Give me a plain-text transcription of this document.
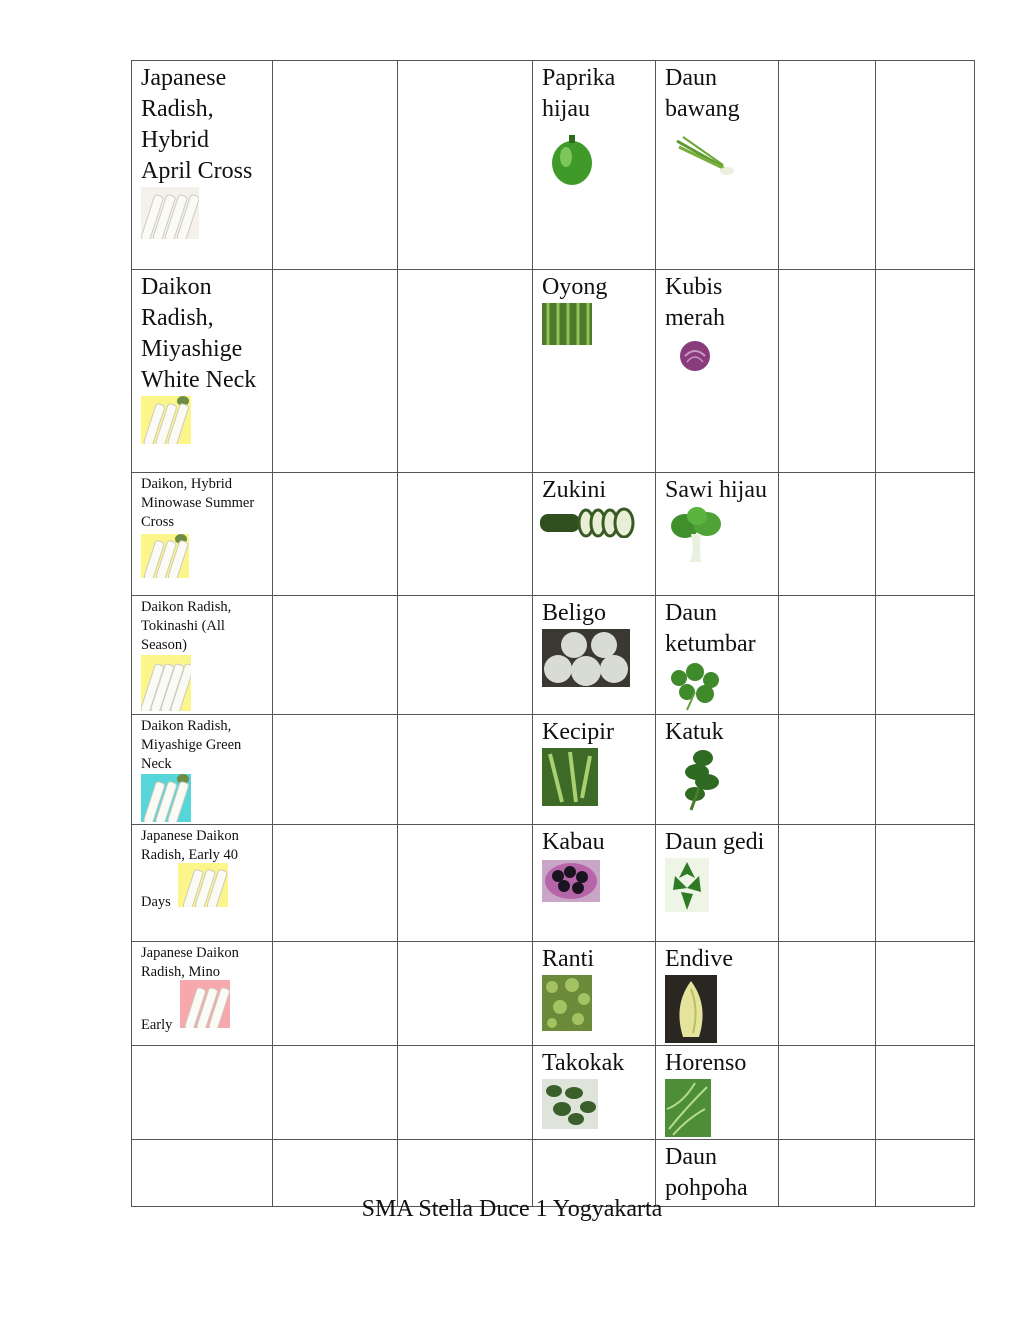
Japanese Radish, Hybrid April Cross			Paprika hijau	Daun bawang		

Daikon Radish, Miyashige White Neck			Oyong	Kubis merah		

Daikon, Hybrid Minowase Summer Cross			Zukini	Sawi hijau		

Daikon Radish, Tokinashi (All Season)			Beligo	Daun ketumbar		

Daikon Radish, Miyashige Green Neck			Kecipir	Katuk		

Japanese Daikon Radish, Early 40
Days			Kabau	Daun gedi		

Japanese Daikon Radish, Mino
Early			Ranti	Endive		

			Takokak	Horenso		

				Daun pohpoha		

SMA Stella Duce 1 Yogyakarta
